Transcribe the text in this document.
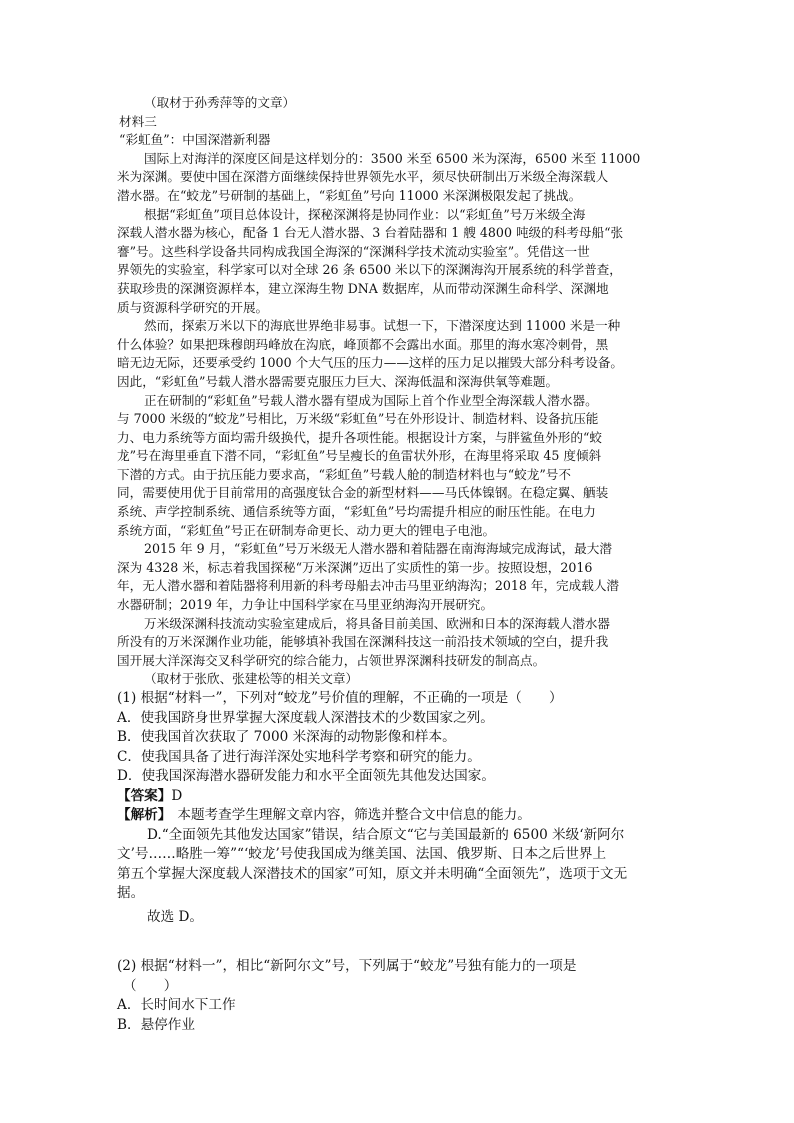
（取材于孙秀萍等的文章）

材料三

“彩虹鱼”：中国深潜新利器

国际上对海洋的深度区间是这样划分的：3500 米至 6500 米为深海，6500 米至 11000

米为深渊。要使中国在深潜方面继续保持世界领先水平，须尽快研制出万米级全海深载人

潜水器。在“蛟龙”号研制的基础上，“彩虹鱼”号向 11000 米深渊极限发起了挑战。

根据“彩虹鱼”项目总体设计，探秘深渊将是协同作业：以“彩虹鱼”号万米级全海

深载人潜水器为核心，配备 1 台无人潜水器、3 台着陆器和 1 艘 4800 吨级的科考母船“张

謇”号。这些科学设备共同构成我国全海深的“深渊科学技术流动实验室”。凭借这一世

界领先的实验室，科学家可以对全球 26 条 6500 米以下的深渊海沟开展系统的科学普查，

获取珍贵的深渊资源样本，建立深海生物 DNA 数据库，从而带动深渊生命科学、深渊地

质与资源科学研究的开展。

然而，探索万米以下的海底世界绝非易事。试想一下，下潜深度达到 11000 米是一种

什么体验？如果把珠穆朗玛峰放在沟底，峰顶都不会露出水面。那里的海水寒冷刺骨，黑

暗无边无际，还要承受约 1000 个大气压的压力——这样的压力足以摧毁大部分科考设备。

因此，“彩虹鱼”号载人潜水器需要克服压力巨大、深海低温和深海供氧等难题。

正在研制的“彩虹鱼”号载人潜水器有望成为国际上首个作业型全海深载人潜水器。

与 7000 米级的“蛟龙”号相比，万米级“彩虹鱼”号在外形设计、制造材料、设备抗压能

力、电力系统等方面均需升级换代，提升各项性能。根据设计方案，与胖鲨鱼外形的“蛟

龙”号在海里垂直下潜不同，“彩虹鱼”号呈瘦长的鱼雷状外形，在海里将采取 45 度倾斜

下潜的方式。由于抗压能力要求高，“彩虹鱼”号载人舱的制造材料也与“蛟龙”号不

同，需要使用优于目前常用的高强度钛合金的新型材料——马氏体镍钢。在稳定翼、舾装

系统、声学控制系统、通信系统等方面，“彩虹鱼”号均需提升相应的耐压性能。在电力

系统方面，“彩虹鱼”号正在研制寿命更长、动力更大的锂电子电池。

2015 年 9 月，“彩虹鱼”号万米级无人潜水器和着陆器在南海海域完成海试，最大潜

深为 4328 米，标志着我国探秘“万米深渊”迈出了实质性的第一步。按照设想，2016

年，无人潜水器和着陆器将利用新的科考母船去冲击马里亚纳海沟；2018 年，完成载人潜

水器研制；2019 年，力争让中国科学家在马里亚纳海沟开展研究。

万米级深渊科技流动实验室建成后，将具备目前美国、欧洲和日本的深海载人潜水器

所没有的万米深渊作业功能，能够填补我国在深渊科技这一前沿技术领域的空白，提升我

国开展大洋深海交叉科学研究的综合能力，占领世界深渊科技研发的制高点。

（取材于张欣、张建松等的相关文章）

(1) 根据“材料一”，下列对“蛟龙”号价值的理解，不正确的一项是（　　）

A．使我国跻身世界掌握大深度载人深潜技术的少数国家之列。

B．使我国首次获取了 7000 米深海的动物影像和样本。

C．使我国具备了进行海洋深处实地科学考察和研究的能力。

D．使我国深海潜水器研发能力和水平全面领先其他发达国家。

【答案】D

【解析】 本题考查学生理解文章内容，筛选并整合文中信息的能力。

D.“全面领先其他发达国家”错误，结合原文“它与美国最新的 6500 米级‘新阿尔

文’号……略胜一筹”“‘蛟龙’号使我国成为继美国、法国、俄罗斯、日本之后世界上

第五个掌握大深度载人深潜技术的国家”可知，原文并未明确“全面领先”，选项于文无

据。

故选 D。

(2) 根据“材料一”，相比“新阿尔文”号，下列属于“蛟龙”号独有能力的一项是

（　　）

A．长时间水下工作

B．悬停作业
